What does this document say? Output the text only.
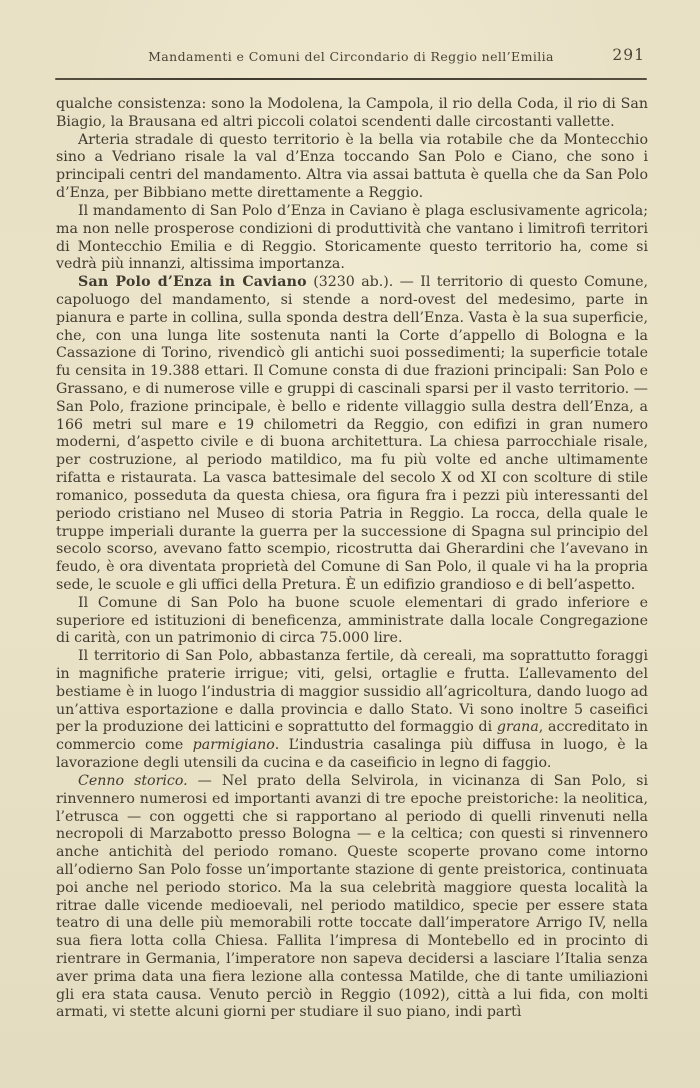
Mandamenti e Comuni del Circondario di Reggio nell’Emilia	291

qualche consistenza: sono la Modolena, la Campola, il rio della Coda, il rio di San Biagio, la Brausana ed altri piccoli colatoi scendenti dalle circostanti vallette.

Arteria stradale di questo territorio è la bella via rotabile che da Montecchio sino a Vedriano risale la val d’Enza toccando San Polo e Ciano, che sono i principali centri del mandamento. Altra via assai battuta è quella che da San Polo d’Enza, per Bibbiano mette direttamente a Reggio.

Il mandamento di San Polo d’Enza in Caviano è plaga esclusivamente agricola; ma non nelle prosperose condizioni di produttività che vantano i limitrofi territori di Montecchio Emilia e di Reggio. Storicamente questo territorio ha, come si vedrà più innanzi, altissima importanza.

San Polo d’Enza in Caviano (3230 ab.). — Il territorio di questo Comune, capoluogo del mandamento, si stende a nord-ovest del medesimo, parte in pianura e parte in collina, sulla sponda destra dell’Enza. Vasta è la sua superficie, che, con una lunga lite sostenuta nanti la Corte d’appello di Bologna e la Cassazione di Torino, rivendicò gli antichi suoi possedimenti; la superficie totale fu censita in 19.388 ettari. Il Comune consta di due frazioni principali: San Polo e Grassano, e di numerose ville e gruppi di cascinali sparsi per il vasto territorio. — San Polo, frazione principale, è bello e ridente villaggio sulla destra dell’Enza, a 166 metri sul mare e 19 chilometri da Reggio, con edifizi in gran numero moderni, d’aspetto civile e di buona architettura. La chiesa parrocchiale risale, per costruzione, al periodo matildico, ma fu più volte ed anche ultimamente rifatta e ristaurata. La vasca battesimale del secolo X od XI con scolture di stile romanico, posseduta da questa chiesa, ora figura fra i pezzi più interessanti del periodo cristiano nel Museo di storia Patria in Reggio. La rocca, della quale le truppe imperiali durante la guerra per la successione di Spagna sul principio del secolo scorso, avevano fatto scempio, ricostrutta dai Gherardini che l’avevano in feudo, è ora diventata proprietà del Comune di San Polo, il quale vi ha la propria sede, le scuole e gli uffici della Pretura. È un edifizio grandioso e di bell’aspetto.

Il Comune di San Polo ha buone scuole elementari di grado inferiore e superiore ed istituzioni di beneficenza, amministrate dalla locale Congregazione di carità, con un patrimonio di circa 75.000 lire.

Il territorio di San Polo, abbastanza fertile, dà cereali, ma soprattutto foraggi in magnifiche praterie irrigue; viti, gelsi, ortaglie e frutta. L’allevamento del bestiame è in luogo l’industria di maggior sussidio all’agricoltura, dando luogo ad un’attiva esportazione e dalla provincia e dallo Stato. Vi sono inoltre 5 caseifici per la produzione dei latticini e soprattutto del formaggio di grana, accreditato in commercio come parmigiano. L’industria casalinga più diffusa in luogo, è la lavorazione degli utensili da cucina e da caseificio in legno di faggio.

Cenno storico. — Nel prato della Selvirola, in vicinanza di San Polo, si rinvennero numerosi ed importanti avanzi di tre epoche preistoriche: la neolitica, l’etrusca — con oggetti che si rapportano al periodo di quelli rinvenuti nella necropoli di Marzabotto presso Bologna — e la celtica; con questi si rinvennero anche antichità del periodo romano. Queste scoperte provano come intorno all’odierno San Polo fosse un’importante stazione di gente preistorica, continuata poi anche nel periodo storico. Ma la sua celebrità maggiore questa località la ritrae dalle vicende medioevali, nel periodo matildico, specie per essere stata teatro di una delle più memorabili rotte toccate dall’imperatore Arrigo IV, nella sua fiera lotta colla Chiesa. Fallita l’impresa di Montebello ed in procinto di rientrare in Germania, l’imperatore non sapeva decidersi a lasciare l’Italia senza aver prima data una fiera lezione alla contessa Matilde, che di tante umiliazioni gli era stata causa. Venuto perciò in Reggio (1092), città a lui fida, con molti armati, vi stette alcuni giorni per studiare il suo piano, indi partì
